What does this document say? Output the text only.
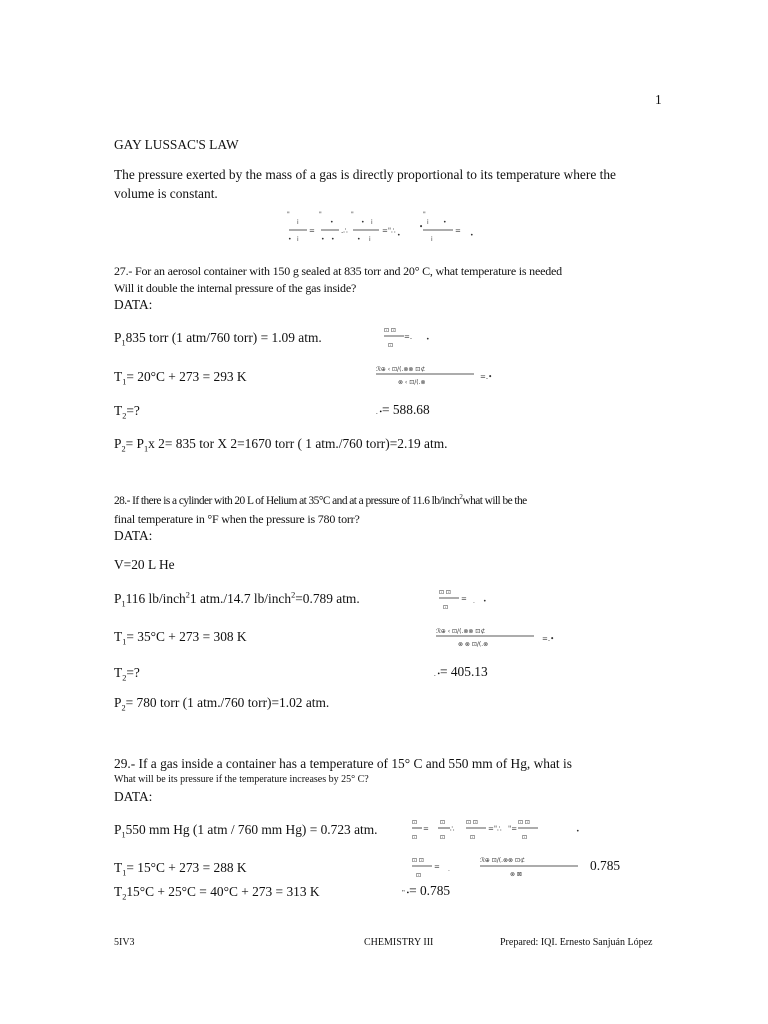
1
GAY LUSSAC'S LAW
The pressure exerted by the mass of a gas is directly proportional to its temperature where the
volume is constant.
"
i
• i
=
"
•
• •
.∴
"
• i
• i
="∴
•
"
i •
•
i
=
•
27.- For an aerosol container with 150 g sealed at 835 torr and 20° C, what temperature is needed
Will it double the internal pressure of the gas inside?
DATA:
$P_1835$ torr (1 atm/760 torr) = 1.09 atm.
$T_1= 20^\circ C + 273 = 293$ K
$T_2=$?
$P_2= P_1x$ 2= 835 tor X 2=1670 torr ( 1 atm./760 torr)=2.19 atm.
⊡ ⊡
⊡
=. •
ℛ⊕ ‹ ⊡/(.⊗⊗ ⊡⊄
⊗ ‹ ⊡/(.⊗
=.•
. •= 588.68
28.- If there is a cylinder with 20 L of Helium at 35°C and at a pressure of 11.6 lb/inch$^2$what will be the
final temperature in °F when the pressure is 780 torr?
DATA:
V=20 L He
$P_1116$ lb/inch$^2$1 atm./14.7 lb/inch$^2$=0.789 atm.
$T_1= 35^\circ C + 273 = 308$ K
$T_2=$?
$P_2= 780$ torr (1 atm./760 torr)=1.02 atm.
⊡ ⊡
⊡
= . •
ℛ⊕ ‹ ⊡/(.⊗⊗ ⊡⊄
⊗ ⊗ ⊡/(.⊗
=.•
. •= 405.13
29.- If a gas inside a container has a temperature of 15° C and 550 mm of Hg, what is
What will be its pressure if the temperature increases by 25° C?
DATA:
$P_1550$ mm Hg (1 atm / 760 mm Hg) = 0.723 atm.
$T_1= 15^\circ C + 273 = 288$ K
$T_215^\circ C + 25^\circ C = 40^\circ C + 273 = 313$ K
⊡
⊡
=
⊡
⊡
∴
⊡ ⊡
⊡
="∴ "=
⊡ ⊡
⊡
•
⊡ ⊡
⊡
= .
ℛ⊕ ⊡/(.⊗⊗ ⊡⊄
⊗ ⊠
0.785
" •= 0.785
5IV3	CHEMISTRY III	Prepared: IQI. Ernesto Sanjuán López
